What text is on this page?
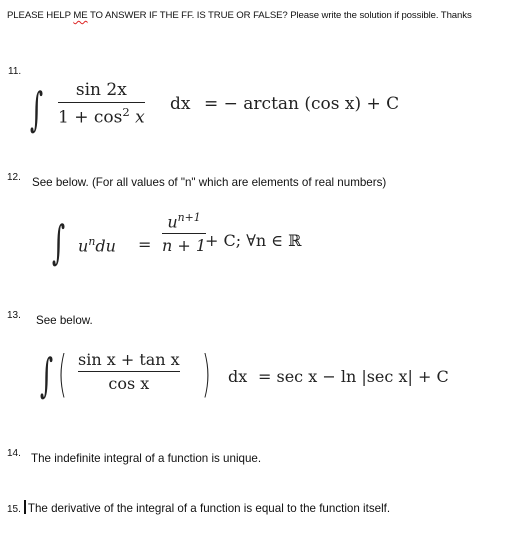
PLEASE HELP ME TO ANSWER IF THE FF. IS TRUE OR FALSE? Please write the solution if possible. Thanks
11.
∫ sin 2x
$1 + \cos^2 x$
dx = − arctan (cos x) + C
12. See below. (For all values of "n" which are elements of real numbers)
∫ $u^ndu$ =
$u^{n+1}$
n + 1
+ C; ∀n ∈ ℝ
13. See below.
∫ ( sin x + tan x
cos x ) dx = sec x − ln |sec x| + C
14. The indefinite integral of a function is unique.
15. The derivative of the integral of a function is equal to the function itself.
